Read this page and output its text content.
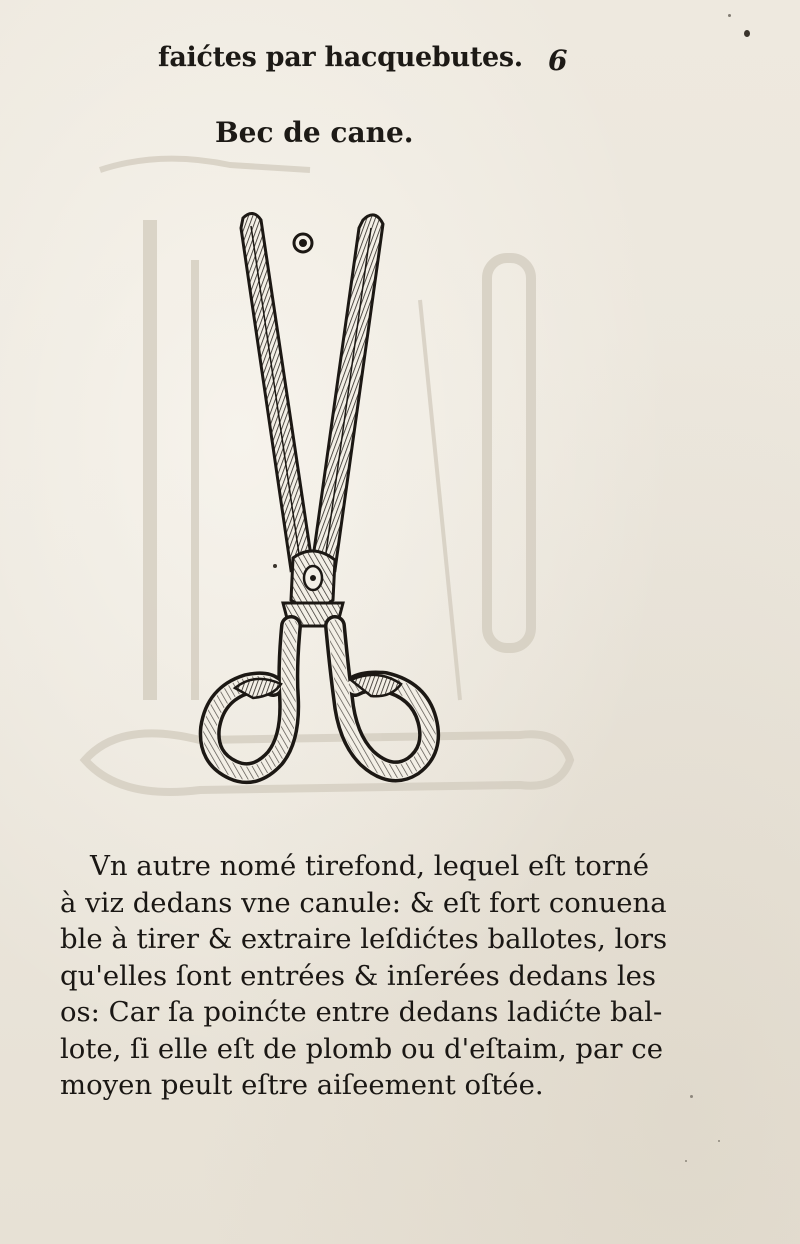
faićtes par hacquebutes. 6
Bec de cane.
Vn autre nomé tirefond, lequel eſt torné
à viz dedans vne canule: & eſt fort conuena
ble à tirer & extraire leſdićtes ballotes, lors
qu'elles ſont entrées & inſerées dedans les
os: Car ſa poinćte entre dedans ladićte bal-
lote, ſi elle eſt de plomb ou d'eſtaim, par ce
moyen peult eſtre aiſeement oſtée.
